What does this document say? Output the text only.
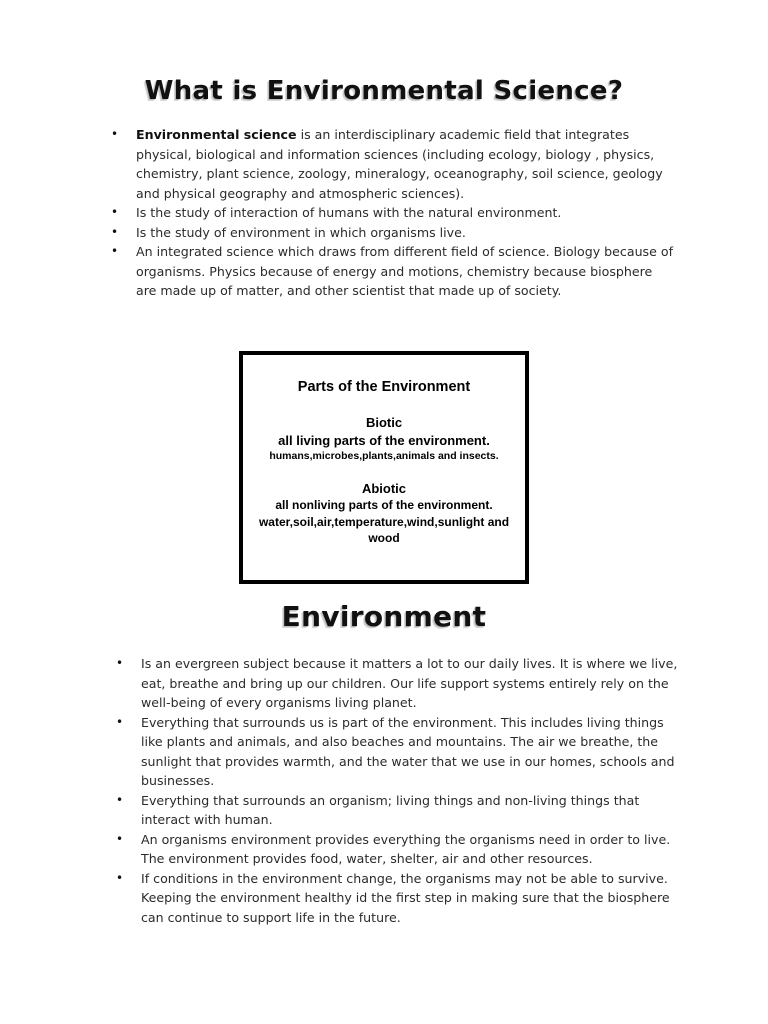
What is Environmental Science?
• Environmental science is an interdisciplinary academic field that integrates physical, biological and information sciences (including ecology, biology , physics, chemistry, plant science, zoology, mineralogy, oceanography, soil science, geology and physical geography and atmospheric sciences).
• Is the study of interaction of humans with the natural environment.
• Is the study of environment in which organisms live.
• An integrated science which draws from different field of science. Biology because of organisms. Physics because of energy and motions, chemistry because biosphere are made up of matter, and other scientist that made up of society.
Parts of the Environment
Biotic
all living parts of the environment.
humans,microbes,plants,animals and insects.
Abiotic
all nonliving parts of the environment.
water,soil,air,temperature,wind,sunlight and wood
Environment
• Is an evergreen subject because it matters a lot to our daily lives. It is where we live, eat, breathe and bring up our children. Our life support systems entirely rely on the well-being of every organisms living planet.
• Everything that surrounds us is part of the environment. This includes living things like plants and animals, and also beaches and mountains. The air we breathe, the sunlight that provides warmth, and the water that we use in our homes, schools and businesses.
• Everything that surrounds an organism; living things and non-living things that interact with human.
• An organisms environment provides everything the organisms need in order to live. The environment provides food, water, shelter, air and other resources.
• If conditions in the environment change, the organisms may not be able to survive. Keeping the environment healthy id the first step in making sure that the biosphere can continue to support life in the future.
